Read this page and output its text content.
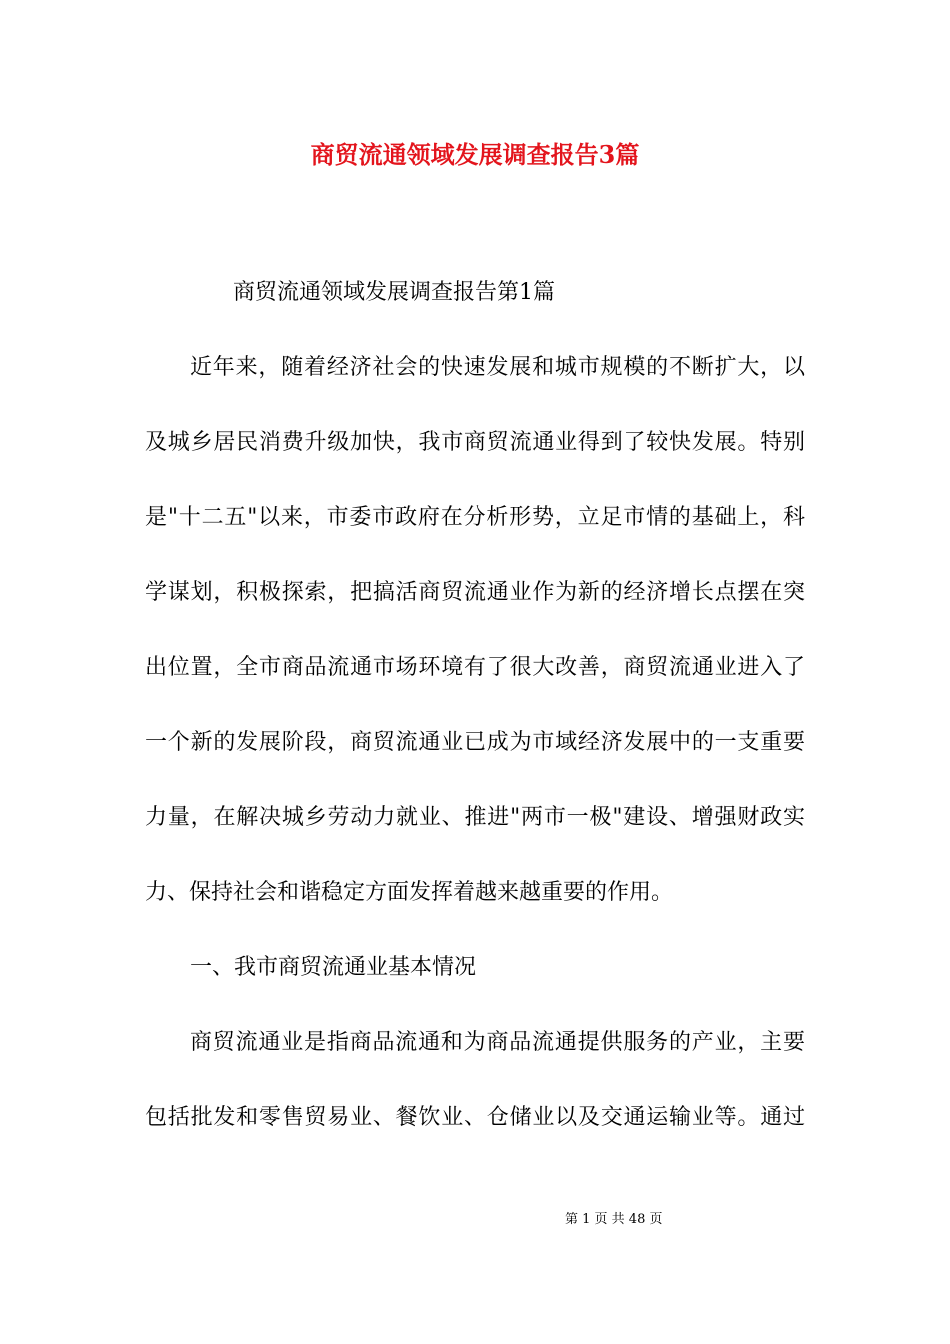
商贸流通领域发展调查报告3篇
商贸流通领域发展调查报告第1篇
近年来，随着经济社会的快速发展和城市规模的不断扩大，以
及城乡居民消费升级加快，我市商贸流通业得到了较快发展。特别
是"十二五"以来，市委市政府在分析形势，立足市情的基础上，科
学谋划，积极探索，把搞活商贸流通业作为新的经济增长点摆在突
出位置，全市商品流通市场环境有了很大改善，商贸流通业进入了
一个新的发展阶段，商贸流通业已成为市域经济发展中的一支重要
力量，在解决城乡劳动力就业、推进"两市一极"建设、增强财政实
力、保持社会和谐稳定方面发挥着越来越重要的作用。
一、我市商贸流通业基本情况
商贸流通业是指商品流通和为商品流通提供服务的产业，主要
包括批发和零售贸易业、餐饮业、仓储业以及交通运输业等。通过
第 1 页 共 48 页
